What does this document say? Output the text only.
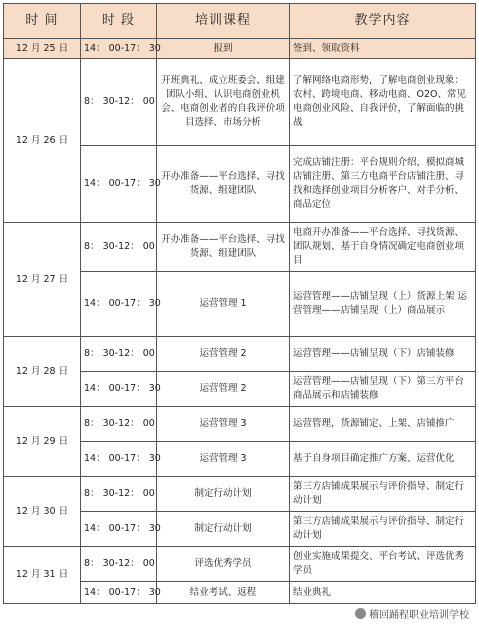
时 间	时 段	培训课程	教学内容
12 月 25 日	14： 00-17： 30	报到	签到、领取资料
12 月 26 日	8： 30-12： 00	开班典礼、成立班委会、组建团队小组、认识电商创业机会、电商创业者的自我评价项目选择、市场分析	了解网络电商形势，了解电商创业现象：农村、跨境电商、移动电商、O2O、常见电商创业风险、自我评价，了解面临的挑战
	14： 00-17： 30	开办准备——平台选择、寻找货源、组建团队	完成店铺注册：平台规则介绍，模拟商城店铺注册、第三方电商平台店铺注册、寻找和选择创业项目分析客户、对手分析、商品定位
12 月 27 日	8： 30-12： 00	开办准备——平台选择、寻找货源、组建团队	电商开办准备——平台选择、寻找货源、团队规划、基于自身情况确定电商创业项目
	14： 00-17： 30	运营管理 1	运营管理——店铺呈现（上）货源上架 运营管理——店铺呈现（上）商品展示
12 月 28 日	8： 30-12： 00	运营管理 2	运营管理——店铺呈现（下）店铺装修
	14： 00-17： 30	运营管理 2	运营管理——店铺呈现（下）第三方平台商品展示和店铺装修
12 月 29 日	8： 30-12： 00	运营管理 3	运营管理，货源铺定、上架、店铺推广
	14： 00-17： 30	运营管理 3	基于自身项目确定推广方案、运营优化
12 月 30 日	8： 30-12： 00	制定行动计划	第三方店铺成果展示与评价指导、制定行动计划
	14： 00-17： 30	制定行动计划	第三方店铺成果展示与评价指导、制定行动计划
12 月 31 日	8： 30-12： 00	评选优秀学员	创业实施成果提交、平台考试、评选优秀学员
	14： 00-17： 30	结业考试、返程	结业典礼
稽回踊程职业培训学校
